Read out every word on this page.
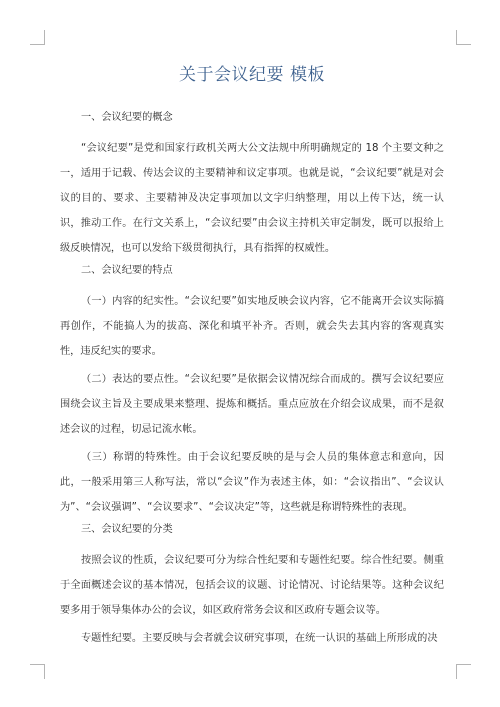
关于会议纪要 模板
一、会议纪要的概念

“会议纪要”是党和国家行政机关两大公文法规中所明确规定的 18 个主要文种之一，适用于记载、传达会议的主要精神和议定事项。也就是说，“会议纪要”就是对会议的目的、要求、主要精神及决定事项加以文字归纳整理，用以上传下达，统一认识，推动工作。在行文关系上，“会议纪要”由会议主持机关审定制发，既可以报给上级反映情况，也可以发给下级贯彻执行，具有指挥的权威性。

二、会议纪要的特点

（一）内容的纪实性。“会议纪要”如实地反映会议内容，它不能离开会议实际搞再创作，不能搞人为的拔高、深化和填平补齐。否则，就会失去其内容的客观真实性，违反纪实的要求。

（二）表达的要点性。“会议纪要”是依据会议情况综合而成的。撰写会议纪要应围绕会议主旨及主要成果来整理、提炼和概括。重点应放在介绍会议成果，而不是叙述会议的过程，切忌记流水帐。

（三）称谓的特殊性。由于会议纪要反映的是与会人员的集体意志和意向，因此，一般采用第三人称写法，常以“会议”作为表述主体，如：“会议指出”、“会议认为”、“会议强调”、“会议要求”、“会议决定”等，这些就是称谓特殊性的表现。

三、会议纪要的分类

按照会议的性质，会议纪要可分为综合性纪要和专题性纪要。综合性纪要。侧重于全面概述会议的基本情况，包括会议的议题、讨论情况、讨论结果等。这种会议纪要多用于领导集体办公的会议，如区政府常务会议和区政府专题会议等。

专题性纪要。主要反映与会者就会议研究事项，在统一认识的基础上所形成的决
